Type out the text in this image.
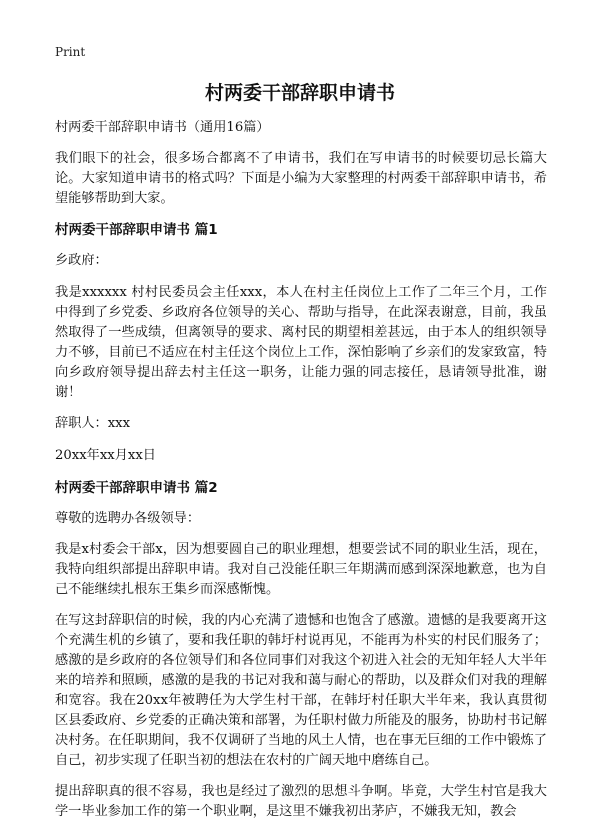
Print
村两委干部辞职申请书

村两委干部辞职申请书（通用16篇）

我们眼下的社会，很多场合都离不了申请书，我们在写申请书的时候要切忌长篇大论。大家知道申请书的格式吗？下面是小编为大家整理的村两委干部辞职申请书，希望能够帮助到大家。

村两委干部辞职申请书 篇1

乡政府：

我是xxxxxx 村村民委员会主任xxx，本人在村主任岗位上工作了二年三个月，工作中得到了乡党委、乡政府各位领导的关心、帮助与指导，在此深表谢意，目前，我虽然取得了一些成绩，但离领导的要求、离村民的期望相差甚远，由于本人的组织领导力不够，目前已不适应在村主任这个岗位上工作，深怕影响了乡亲们的发家致富，特向乡政府领导提出辞去村主任这一职务，让能力强的同志接任，恳请领导批准，谢谢！

辞职人：xxx

20xx年xx月xx日

村两委干部辞职申请书 篇2

尊敬的选聘办各级领导：

我是x村委会干部x，因为想要圆自己的职业理想，想要尝试不同的职业生活，现在，我特向组织部提出辞职申请。我对自己没能任职三年期满而感到深深地歉意，也为自己不能继续扎根东王集乡而深感惭愧。

在写这封辞职信的时候，我的内心充满了遗憾和也饱含了感激。遗憾的是我要离开这个充满生机的乡镇了，要和我任职的韩圩村说再见，不能再为朴实的村民们服务了；感激的是乡政府的各位领导们和各位同事们对我这个初进入社会的无知年轻人大半年来的培养和照顾，感激的是我的书记对我和蔼与耐心的帮助，以及群众们对我的理解和宽容。我在20xx年被聘任为大学生村干部，在韩圩村任职大半年来，我认真贯彻区县委政府、乡党委的正确决策和部署，为任职村做力所能及的服务，协助村书记解决村务。在任职期间，我不仅调研了当地的风土人情，也在事无巨细的工作中锻炼了自己，初步实现了任职当初的想法在农村的广阔天地中磨练自己。

提出辞职真的很不容易，我也是经过了激烈的思想斗争啊。毕竟，大学生村官是我大学一毕业参加工作的第一个职业啊，是这里不嫌我初出茅庐，不嫌我无知，教会
